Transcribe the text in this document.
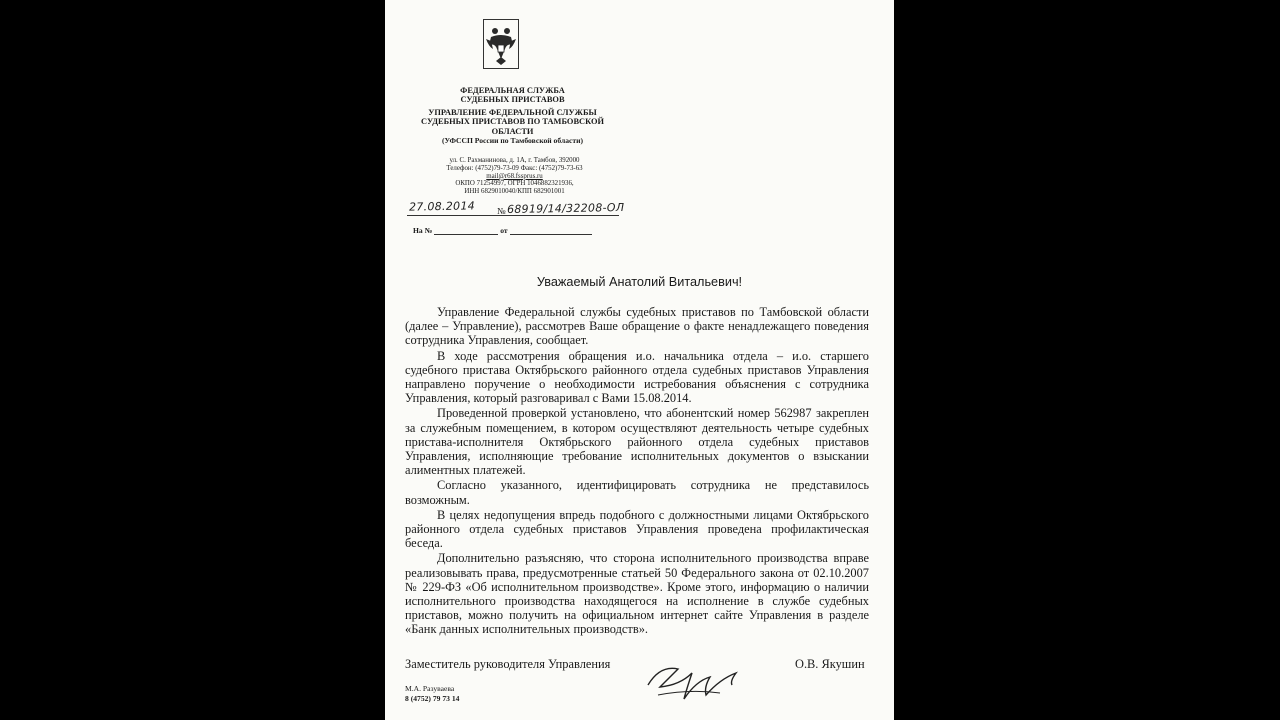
ФЕДЕРАЛЬНАЯ СЛУЖБА
СУДЕБНЫХ ПРИСТАВОВ
УПРАВЛЕНИЕ ФЕДЕРАЛЬНОЙ СЛУЖБЫ
СУДЕБНЫХ ПРИСТАВОВ ПО ТАМБОВСКОЙ
ОБЛАСТИ
(УФССП России по Тамбовской области)
ул. С. Рахманинова, д. 1А, г. Тамбов, 392000
Телефон: (4752)79-73-09 Факс: (4752)79-73-63
mail@r68.fssprus.ru
ОКПО 71254997, ОГРН 1046882321936,
ИНН 6829010040/КПП 682901001
27.08.2014 № 68919/14/32208-ОЛ
На №	от
Уважаемый Анатолий Витальевич!

Управление Федеральной службы судебных приставов по Тамбовской области (далее – Управление), рассмотрев Ваше обращение о факте ненадлежащего поведения сотрудника Управления, сообщает.

В ходе рассмотрения обращения и.о. начальника отдела – и.о. старшего судебного пристава Октябрьского районного отдела судебных приставов Управления направлено поручение о необходимости истребования объяснения с сотрудника Управления, который разговаривал с Вами 15.08.2014.

Проведенной проверкой установлено, что абонентский номер 562987 закреплен за служебным помещением, в котором осуществляют деятельность четыре судебных пристава-исполнителя Октябрьского районного отдела судебных приставов Управления, исполняющие требование исполнительных документов о взыскании алиментных платежей.

Согласно указанного, идентифицировать сотрудника не представилось возможным.

В целях недопущения впредь подобного с должностными лицами Октябрьского районного отдела судебных приставов Управления проведена профилактическая беседа.

Дополнительно разъясняю, что сторона исполнительного производства вправе реализовывать права, предусмотренные статьей 50 Федерального закона от 02.10.2007 № 229-ФЗ «Об исполнительном производстве». Кроме этого, информацию о наличии исполнительного производства находящегося на исполнение в службе судебных приставов, можно получить на официальном интернет сайте Управления в разделе «Банк данных исполнительных производств».

Заместитель руководителя Управления	О.В. Якушин
М.А. Разуваева
8 (4752) 79 73 14
